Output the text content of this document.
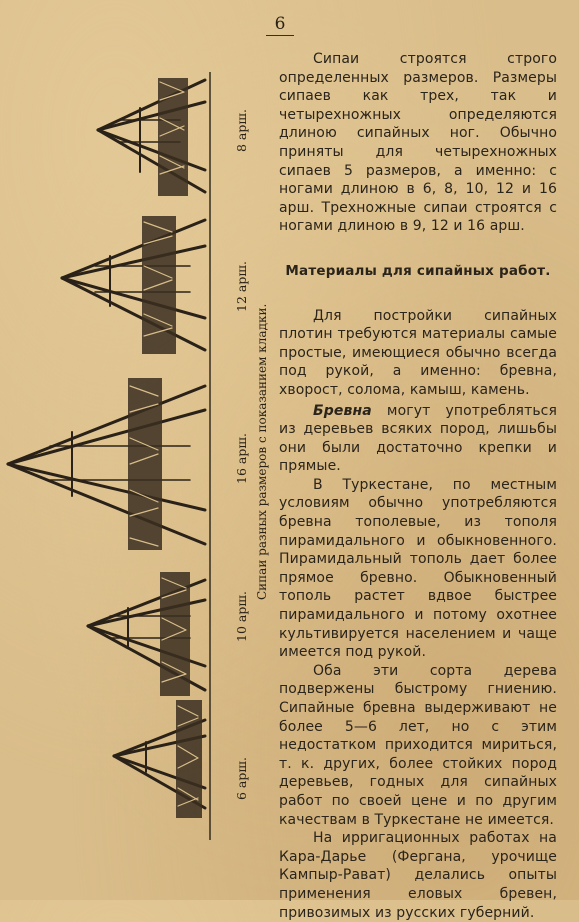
6
6 арш.
10 арш.
16 арш.
12 арш.
8 арш.
Сипаи разных размеров с показанием кладки.

Сипаи строятся строго определенных размеров. Размеры сипаев как трех, так и четырехножных определяются длиною сипайных ног. Обычно приняты для четырехножных сипаев 5 размеров, а именно: с ногами длиною в 6, 8, 10, 12 и 16 арш. Трехножные сипаи строятся с ногами длиною в 9, 12 и 16 арш.

Материалы для сипайных работ.

Для постройки сипайных плотин требуются материалы самые простые, имеющиеся обычно всегда под рукой, а именно: бревна, хворост, солома, камыш, камень.

Бревна могут употребляться из деревьев всяких пород, лишьбы они были достаточно крепки и прямые.

В Туркестане, по местным условиям обычно употребляются бревна тополевые, из тополя пирамидального и обыкновенного. Пирамидальный тополь дает более прямое бревно. Обыкновенный тополь растет вдвое быстрее пирамидального и потому охотнее культивируется населением и чаще имеется под рукой.

Оба эти сорта дерева подвержены быстрому гниению. Сипайные бревна выдерживают не более 5—6 лет, но с этим недостатком приходится мириться, т. к. других, более стойких пород деревьев, годных для сипайных работ по своей цене и по другим качествам в Туркестане не имеется.

На ирригационных работах на Кара-Дарье (Фергана, урочище Кампыр-Рават) делались опыты применения еловых бревен, привозимых из русских губерний.
